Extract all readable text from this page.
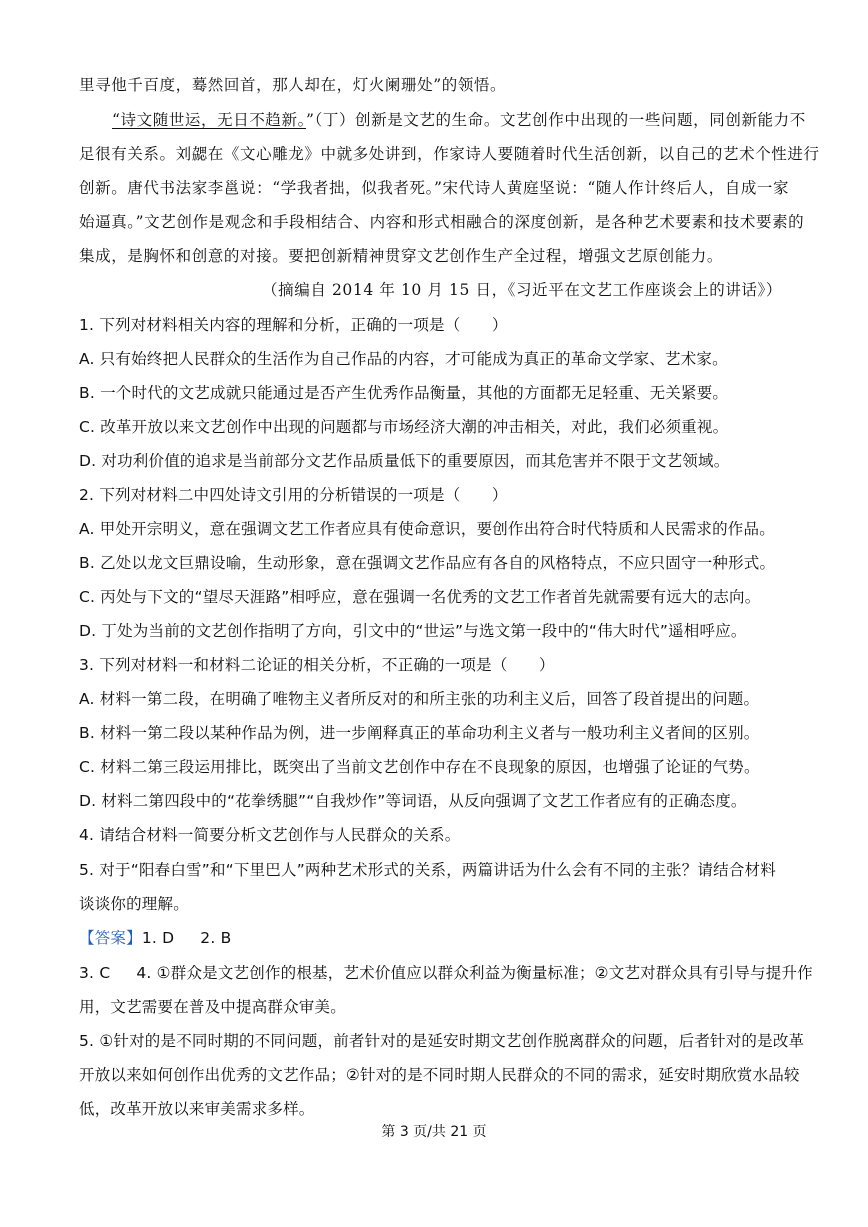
里寻他千百度，蓦然回首，那人却在，灯火阑珊处”的领悟。
“诗文随世运，无日不趋新。”（丁）创新是文艺的生命。文艺创作中出现的一些问题，同创新能力不
足很有关系。刘勰在《文心雕龙》中就多处讲到，作家诗人要随着时代生活创新，以自己的艺术个性进行
创新。唐代书法家李邕说：“学我者拙，似我者死。”宋代诗人黄庭坚说：“随人作计终后人，自成一家
始逼真。”文艺创作是观念和手段相结合、内容和形式相融合的深度创新，是各种艺术要素和技术要素的
集成，是胸怀和创意的对接。要把创新精神贯穿文艺创作生产全过程，增强文艺原创能力。
（摘编自 2014 年 10 月 15 日，《习近平在文艺工作座谈会上的讲话》）
1. 下列对材料相关内容的理解和分析，正确的一项是（　　）
A. 只有始终把人民群众的生活作为自己作品的内容，才可能成为真正的革命文学家、艺术家。
B. 一个时代的文艺成就只能通过是否产生优秀作品衡量，其他的方面都无足轻重、无关紧要。
C. 改革开放以来文艺创作中出现的问题都与市场经济大潮的冲击相关，对此，我们必须重视。
D. 对功利价值的追求是当前部分文艺作品质量低下的重要原因，而其危害并不限于文艺领域。
2. 下列对材料二中四处诗文引用的分析错误的一项是（　　）
A. 甲处开宗明义，意在强调文艺工作者应具有使命意识，要创作出符合时代特质和人民需求的作品。
B. 乙处以龙文巨鼎设喻，生动形象，意在强调文艺作品应有各自的风格特点，不应只固守一种形式。
C. 丙处与下文的“望尽天涯路”相呼应，意在强调一名优秀的文艺工作者首先就需要有远大的志向。
D. 丁处为当前的文艺创作指明了方向，引文中的“世运”与选文第一段中的“伟大时代”遥相呼应。
3. 下列对材料一和材料二论证的相关分析，不正确的一项是（　　）
A. 材料一第二段，在明确了唯物主义者所反对的和所主张的功利主义后，回答了段首提出的问题。
B. 材料一第二段以某种作品为例，进一步阐释真正的革命功利主义者与一般功利主义者间的区别。
C. 材料二第三段运用排比，既突出了当前文艺创作中存在不良现象的原因，也增强了论证的气势。
D. 材料二第四段中的“花拳绣腿”“自我炒作”等词语，从反向强调了文艺工作者应有的正确态度。
4. 请结合材料一简要分析文艺创作与人民群众的关系。
5. 对于“阳春白雪”和“下里巴人”两种艺术形式的关系，两篇讲话为什么会有不同的主张？请结合材料
谈谈你的理解。
【答案】1. D 2. B
3. C 4. ①群众是文艺创作的根基，艺术价值应以群众利益为衡量标准；②文艺对群众具有引导与提升作
用，文艺需要在普及中提高群众审美。
5. ①针对的是不同时期的不同问题，前者针对的是延安时期文艺创作脱离群众的问题，后者针对的是改革
开放以来如何创作出优秀的文艺作品；②针对的是不同时期人民群众的不同的需求，延安时期欣赏水品较
低，改革开放以来审美需求多样。
第 3 页/共 21 页
